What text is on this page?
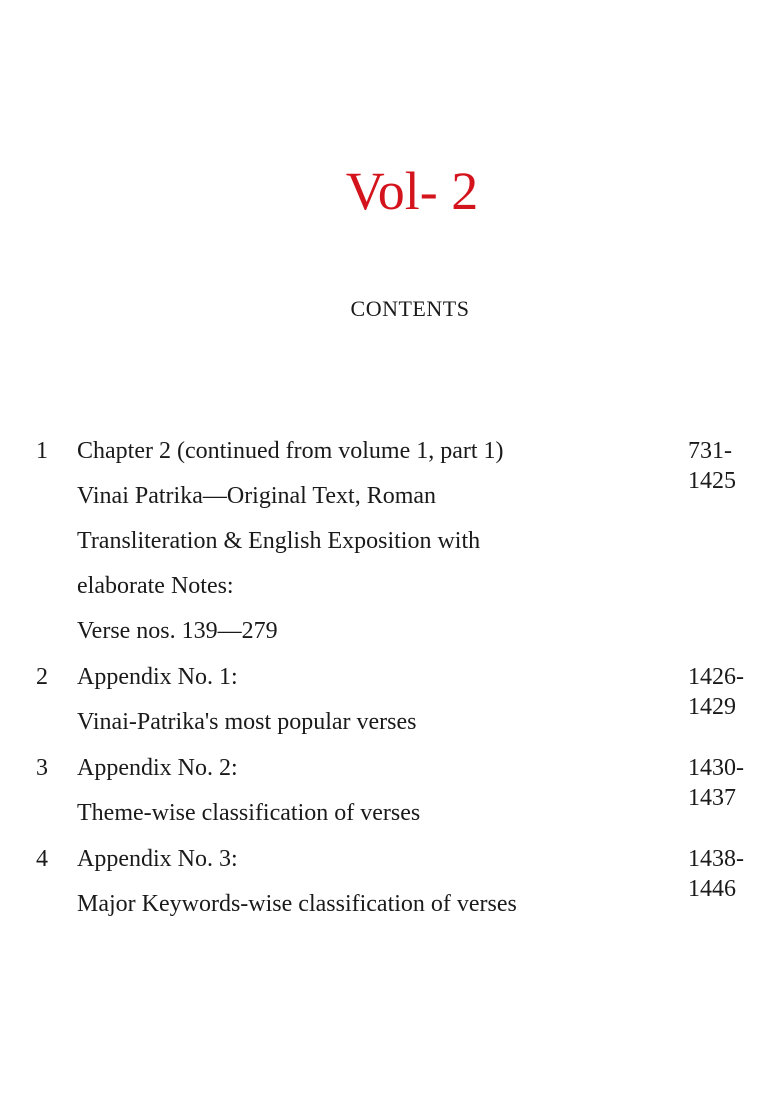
Vol- 2
CONTENTS
1 Chapter 2 (continued from volume 1, part 1)
Vinai Patrika—Original Text, Roman
Transliteration & English Exposition with
elaborate Notes:
Verse nos. 139—279
731-
1425
2 Appendix No. 1:
Vinai-Patrika's most popular verses
1426-
1429
3 Appendix No. 2:
Theme-wise classification of verses
1430-
1437
4 Appendix No. 3:
Major Keywords-wise classification of verses
1438-
1446
